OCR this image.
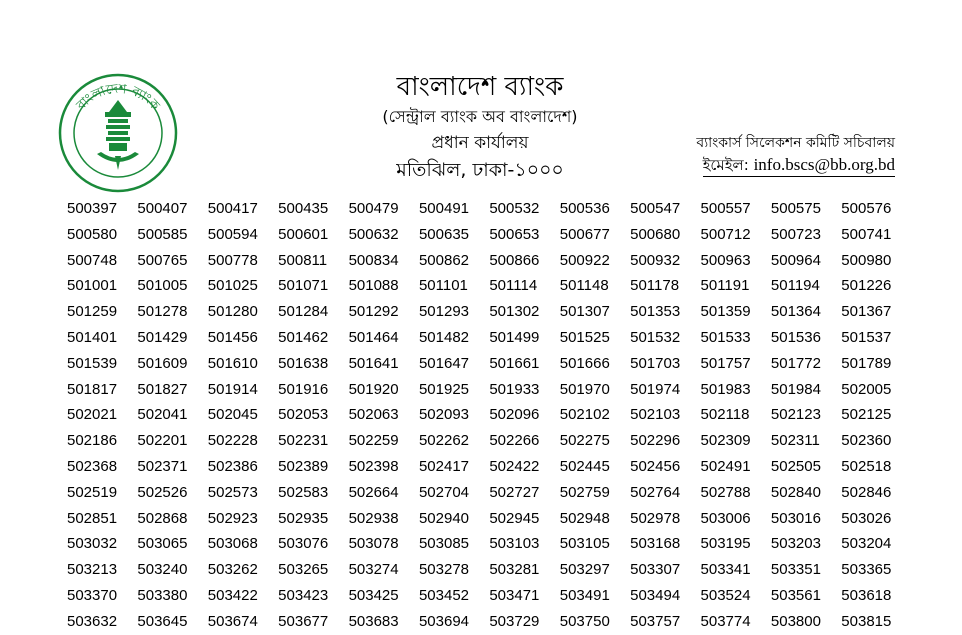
বাংলাদেশ ব্যাংক
বাংলাদেশ ব্যাংক
(সেন্ট্রাল ব্যাংক অব বাংলাদেশ)
প্রধান কার্যালয়
মতিঝিল, ঢাকা-১০০০
ব্যাংকার্স সিলেকশন কমিটি সচিবালয়
ইমেইল: info.bscs@bb.org.bd
500397	500407	500417	500435	500479	500491	500532	500536	500547	500557	500575	500576
500580	500585	500594	500601	500632	500635	500653	500677	500680	500712	500723	500741
500748	500765	500778	500811	500834	500862	500866	500922	500932	500963	500964	500980
501001	501005	501025	501071	501088	501101	501114	501148	501178	501191	501194	501226
501259	501278	501280	501284	501292	501293	501302	501307	501353	501359	501364	501367
501401	501429	501456	501462	501464	501482	501499	501525	501532	501533	501536	501537
501539	501609	501610	501638	501641	501647	501661	501666	501703	501757	501772	501789
501817	501827	501914	501916	501920	501925	501933	501970	501974	501983	501984	502005
502021	502041	502045	502053	502063	502093	502096	502102	502103	502118	502123	502125
502186	502201	502228	502231	502259	502262	502266	502275	502296	502309	502311	502360
502368	502371	502386	502389	502398	502417	502422	502445	502456	502491	502505	502518
502519	502526	502573	502583	502664	502704	502727	502759	502764	502788	502840	502846
502851	502868	502923	502935	502938	502940	502945	502948	502978	503006	503016	503026
503032	503065	503068	503076	503078	503085	503103	503105	503168	503195	503203	503204
503213	503240	503262	503265	503274	503278	503281	503297	503307	503341	503351	503365
503370	503380	503422	503423	503425	503452	503471	503491	503494	503524	503561	503618
503632	503645	503674	503677	503683	503694	503729	503750	503757	503774	503800	503815
